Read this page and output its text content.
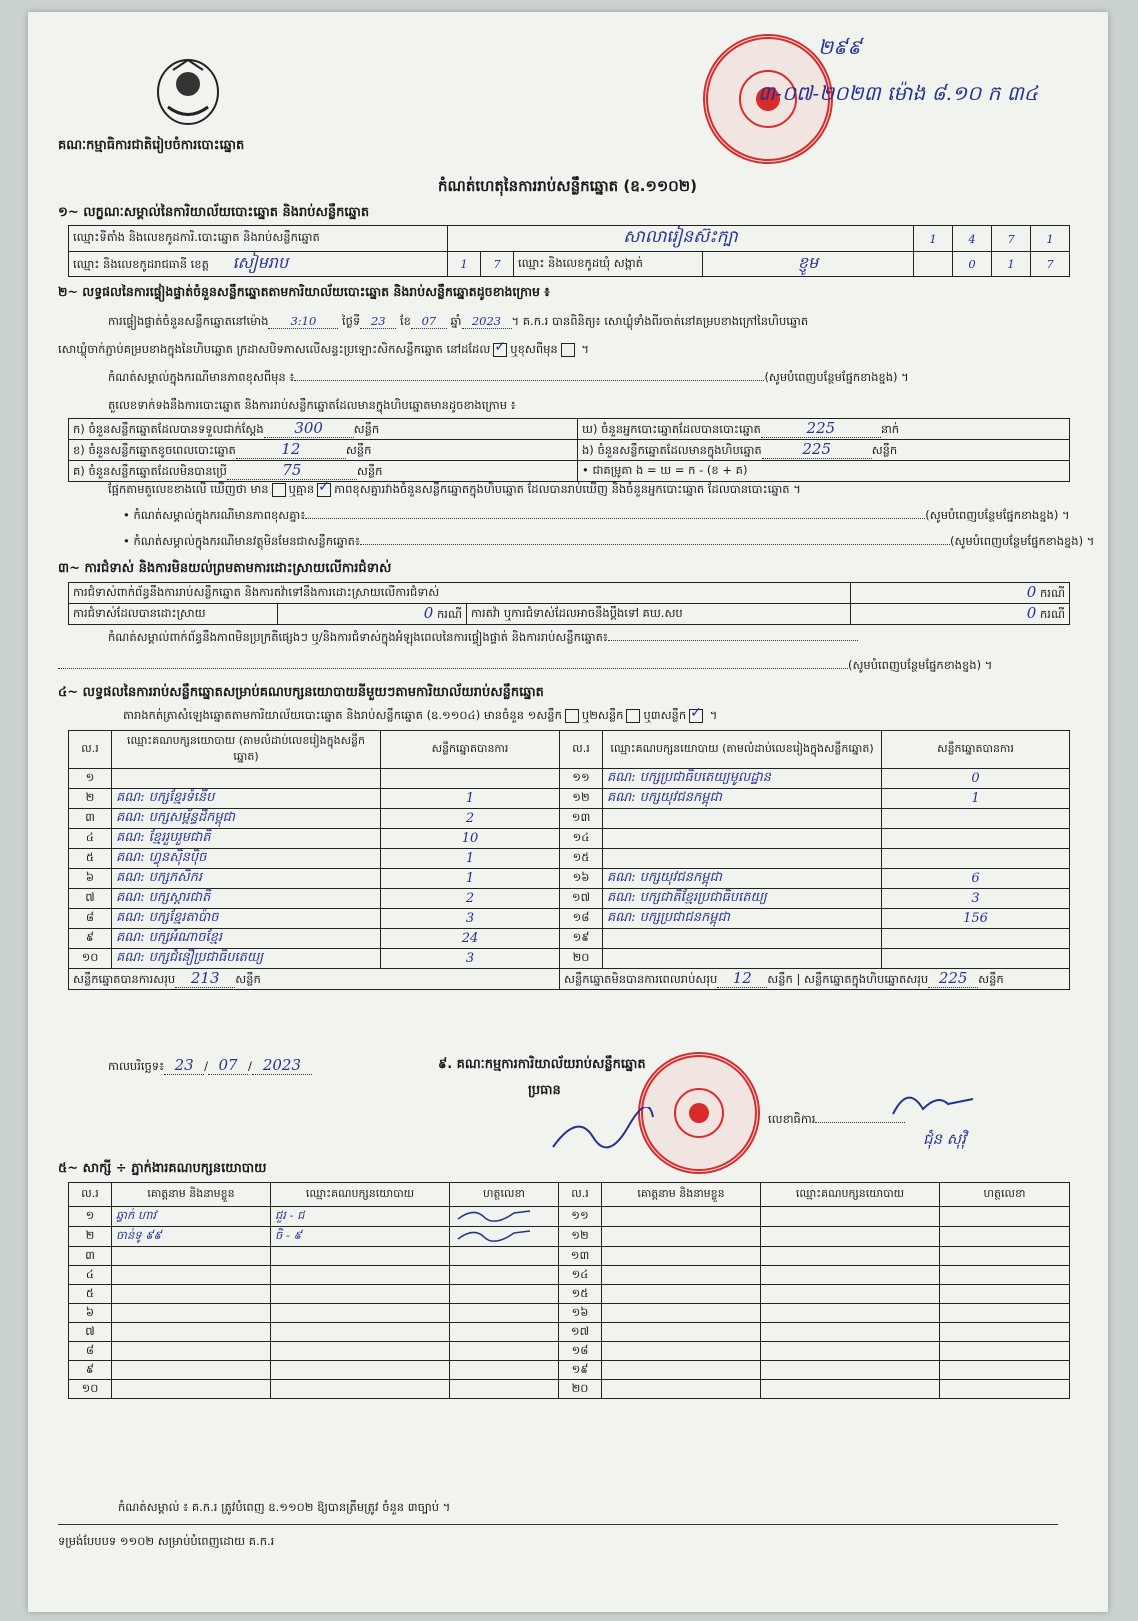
គណៈកម្មាធិការជាតិរៀបចំការបោះឆ្នោត
២៩៩
៣-០៧-២០២៣ ម៉ោង ៨.១០ ក ៣៤
កំណត់ហេតុនៃការរាប់សន្លឹកឆ្នោត (ឧ.១១០២)
១~ លក្ខណៈសម្គាល់នៃការិយាល័យបោះឆ្នោត និងរាប់សន្លឹកឆ្នោត
ឈ្មោះទីតាំង និងលេខកូដការិ.បោះឆ្នោត និងរាប់សន្លឹកឆ្នោត	សាលារៀនស៊ះក្បា				1	4	7	1
ឈ្មោះ និងលេខកូដរាជធានី ខេត្ត សៀមរាប	1	7	ឈ្មោះ និងលេខកូដឃុំ សង្កាត់	ខ្ញូម		0	1	7
២~ លទ្ធផលនៃការផ្ទៀងផ្ទាត់ចំនួនសន្លឹកឆ្នោតតាមការិយាល័យបោះឆ្នោត និងរាប់សន្លឹកឆ្នោតដូចខាងក្រោម ៖
ការផ្ទៀងផ្ទាត់ចំនួនសន្លឹកឆ្នោតនៅម៉ោង 3:10 ថ្ងៃទី 23 ខែ 07 ឆ្នាំ 2023 ។ គ.ក.រ បានពិនិត្យ៖ សោឃ្លុំទាំងពីរចាត់នៅគម្របខាងក្រៅនៃហិបឆ្នោត
សោឃ្លុំចាក់ភ្ជាប់គម្របខាងក្នុងនៃហិបឆ្នោត ក្រដាសបិទភាសលើសន្ទះប្រឡោះសិកសន្លឹកឆ្នោត នៅដដែល ✓ ឬខុសពីមុន ។
កំណត់សម្គាល់ក្នុងករណីមានភាពខុសពីមុន ៖	(សូមបំពេញបន្ថែមផ្នែកខាងខ្នង) ។
តួលេខទាក់ទងនឹងការបោះឆ្នោត និងការរាប់សន្លឹកឆ្នោតដែលមានក្នុងហិបឆ្នោតមានដូចខាងក្រោម ៖
ក) ចំនួនសន្លឹកឆ្នោតដែលបានទទួលជាក់ស្តែង 300 សន្លឹក	ឃ) ចំនួនអ្នកបោះឆ្នោតដែលបានបោះឆ្នោត 225 នាក់
ខ) ចំនួនសន្លឹកឆ្នោតខូចពេលបោះឆ្នោត 12 សន្លឹក	ង) ចំនួនសន្លឹកឆ្នោតដែលមានក្នុងហិបឆ្នោត 225 សន្លឹក
គ) ចំនួនសន្លឹកឆ្នោតដែលមិនបានប្រើ 75 សន្លឹក	• ជាគម្រូគា ង = ឃ = ក - (ខ + គ)
ផ្អែកតាមតួលេខខាងលើ ឃើញថា មាន ឬគ្មាន ✓ ភាពខុសគ្នារវាងចំនួនសន្លឹកឆ្នោតក្នុងហិបឆ្នោត ដែលបានរាប់ឃើញ និងចំនួនអ្នកបោះឆ្នោត ដែលបានបោះឆ្នោត ។
• កំណត់សម្គាល់ក្នុងករណីមានភាពខុសគ្នា៖	(សូមបំពេញបន្ថែមផ្នែកខាងខ្នង) ។
• កំណត់សម្គាល់ក្នុងករណីមានវត្ថុមិនមែនជាសន្លឹកឆ្នោត៖	(សូមបំពេញបន្ថែមផ្នែកខាងខ្នង) ។
៣~ ការជំទាស់ និងការមិនយល់ព្រមតាមការដោះស្រាយលើការជំទាស់
ការជំទាស់ពាក់ព័ន្ធនឹងការរាប់សន្លឹកឆ្នោត និងការតវ៉ាទៅនឹងការដោះស្រាយលើការជំទាស់			0 ករណី
ការជំទាស់ដែលបានដោះស្រាយ	0 ករណី	ការតវ៉ា ឬការជំទាស់ដែលអាចនឹងប្តឹងទៅ គឃ.សប	0 ករណី
កំណត់សម្គាល់ពាក់ព័ន្ធនឹងភាពមិនប្រក្រតីផ្សេងៗ ឬ/និងការជំទាស់ក្នុងអំឡុងពេលនៃការផ្ទៀងផ្ទាត់ និងការរាប់សន្លឹកឆ្នោត៖
(សូមបំពេញបន្ថែមផ្នែកខាងខ្នង) ។
៤~ លទ្ធផលនៃការរាប់សន្លឹកឆ្នោតសម្រាប់គណបក្សនយោបាយនីមួយៗតាមការិយាល័យរាប់សន្លឹកឆ្នោត
តារាងកត់ត្រាសំឡេងឆ្នោតតាមការិយាល័យបោះឆ្នោត និងរាប់សន្លឹកឆ្នោត (ឧ.១១០៤) មានចំនួន ១សន្លឹក ឬ២សន្លឹក ឬ៣សន្លឹក✓ ។
ល.រ	ឈ្មោះគណបក្សនយោបាយ (តាមលំដាប់លេខរៀងក្នុងសន្លឹកឆ្នោត)	សន្លឹកឆ្នោតបានការ	ល.រ	ឈ្មោះគណបក្សនយោបាយ (តាមលំដាប់លេខរៀងក្នុងសន្លឹកឆ្នោត)	សន្លឹកឆ្នោតបានការ
១			១១	គណ: បក្សប្រជាធិបតេយ្យមូលដ្ឋាន	0
២	គណ: បក្សខ្មែរទំនើប	1	១២	គណ: បក្សយុវជនកម្ពុជា	1
៣	គណ: បក្សសម្ព័ន្ធដីកម្ពុជា	2	១៣		
៤	គណ: ខ្មែររួបរួមជាតិ	10	១៤		
៥	គណ: ហ្វុនស៊ិនប៉ិច	1	១៥		
៦	គណ: បក្សកសិករ	1	១៦	គណ: បក្សយុវជនកម្ពុជា	6
៧	គណ: បក្សស្តារជាតិ	2	១៧	គណ: បក្សជាតិខ្មែរប្រជាធិបតេយ្យ	3
៨	គណ: បក្សខ្មែរតាប៉ាច	3	១៨	គណ: បក្សប្រជាជនកម្ពុជា	156
៩	គណ: បក្សអំណាចខ្មែរ	24	១៩		
១០	គណ: បក្សជំនឿប្រជាធិបតេយ្យ	3	២០		
សន្លឹកឆ្នោតបានការសរុប 213 សន្លឹក			សន្លឹកឆ្នោតមិនបានការពេលរាប់សរុប 12 សន្លឹក | សន្លឹកឆ្នោតក្នុងហិបឆ្នោតសរុប 225 សន្លឹក		
កាលបរិច្ឆេទ៖ 23 / 07 / 2023	៩. គណៈកម្មការការិយាល័យរាប់សន្លឹកឆ្នោត
ប្រធាន
លេខាធិការ
ជុំន សុវ៉ិ
៥~ សាក្សី ÷ ភ្នាក់ងារគណបក្សនយោបាយ
ល.រ	គោត្តនាម និងនាមខ្លួន	ឈ្មោះគណបក្សនយោបាយ	ហត្ថលេខា	ល.រ	គោត្តនាម និងនាមខ្លួន	ឈ្មោះគណបក្សនយោបាយ	ហត្ថលេខា
១	ឆ្វាក់ ហាវ	ជួរ - ជ		១១			
២	ចាន់ទូ ៩៩	ចិ - ៩		១២			
៣				១៣			
៤				១៤			
៥				១៥			
៦				១៦			
៧				១៧			
៨				១៨			
៩				១៩			
១០				២០			
កំណត់សម្គាល់ ៖ គ.ក.រ ត្រូវបំពេញ ឧ.១១០២ ឱ្យបានត្រឹមត្រូវ ចំនួន ៣ច្បាប់ ។
ទម្រង់បែបបទ ១១០២ សម្រាប់បំពេញដោយ គ.ក.រ
